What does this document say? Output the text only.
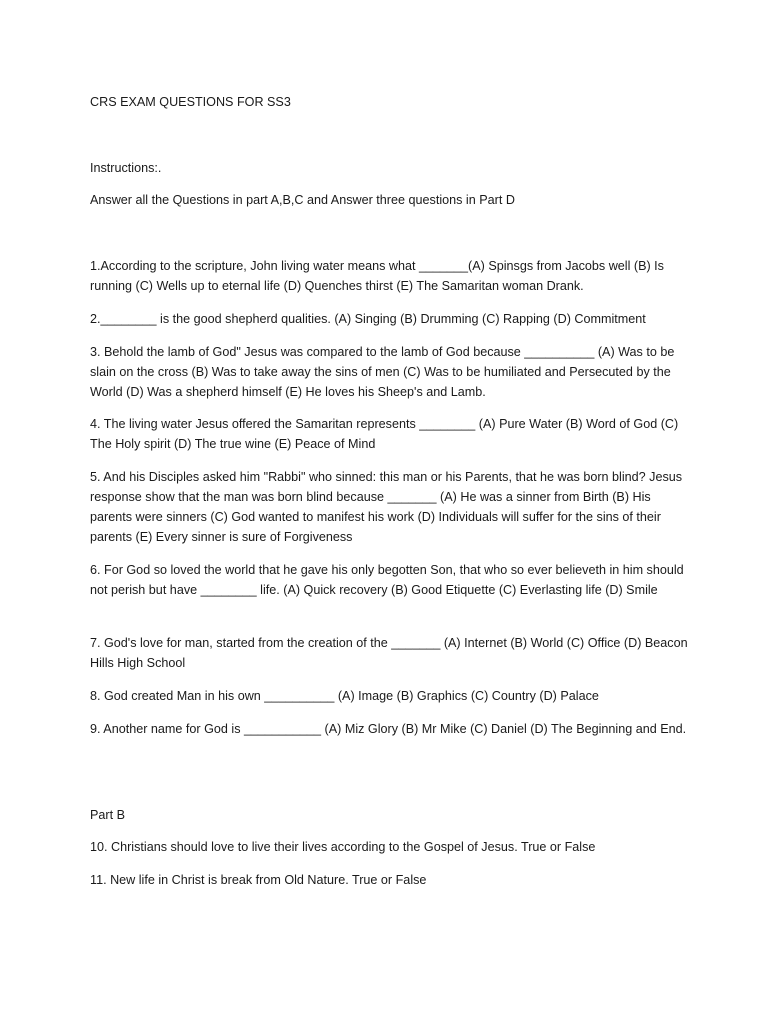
CRS EXAM QUESTIONS FOR SS3

Instructions:.

Answer all the Questions in part A,B,C and Answer three questions in Part D

1.According to the scripture, John living water means what _______(A) Spinsgs from Jacobs well (B) Is running (C) Wells up to eternal life (D) Quenches thirst (E) The Samaritan woman Drank.

2.________ is the good shepherd qualities. (A) Singing (B) Drumming (C) Rapping (D) Commitment

3. Behold the lamb of God" Jesus was compared to the lamb of God because __________ (A) Was to be slain on the cross (B) Was to take away the sins of men (C) Was to be humiliated and Persecuted by the World (D) Was a shepherd himself (E) He loves his Sheep's and Lamb.

4. The living water Jesus offered the Samaritan represents ________ (A) Pure Water (B) Word of God (C) The Holy spirit (D) The true wine (E) Peace of Mind

5. And his Disciples asked him "Rabbi" who sinned: this man or his Parents, that he was born blind? Jesus response show that the man was born blind because _______ (A) He was a sinner from Birth (B) His parents were sinners (C) God wanted to manifest his work (D) Individuals will suffer for the sins of their parents (E) Every sinner is sure of Forgiveness

6. For God so loved the world that he gave his only begotten Son, that who so ever believeth in him should not perish but have ________ life. (A) Quick recovery (B) Good Etiquette (C) Everlasting life (D) Smile

7. God's love for man, started from the creation of the _______ (A) Internet (B) World (C) Office (D) Beacon Hills High School

8. God created Man in his own __________ (A) Image (B) Graphics (C) Country (D) Palace

9. Another name for God is ___________ (A) Miz Glory (B) Mr Mike (C) Daniel (D) The Beginning and End.

Part B

10. Christians should love to live their lives according to the Gospel of Jesus. True or False

11. New life in Christ is break from Old Nature. True or False
